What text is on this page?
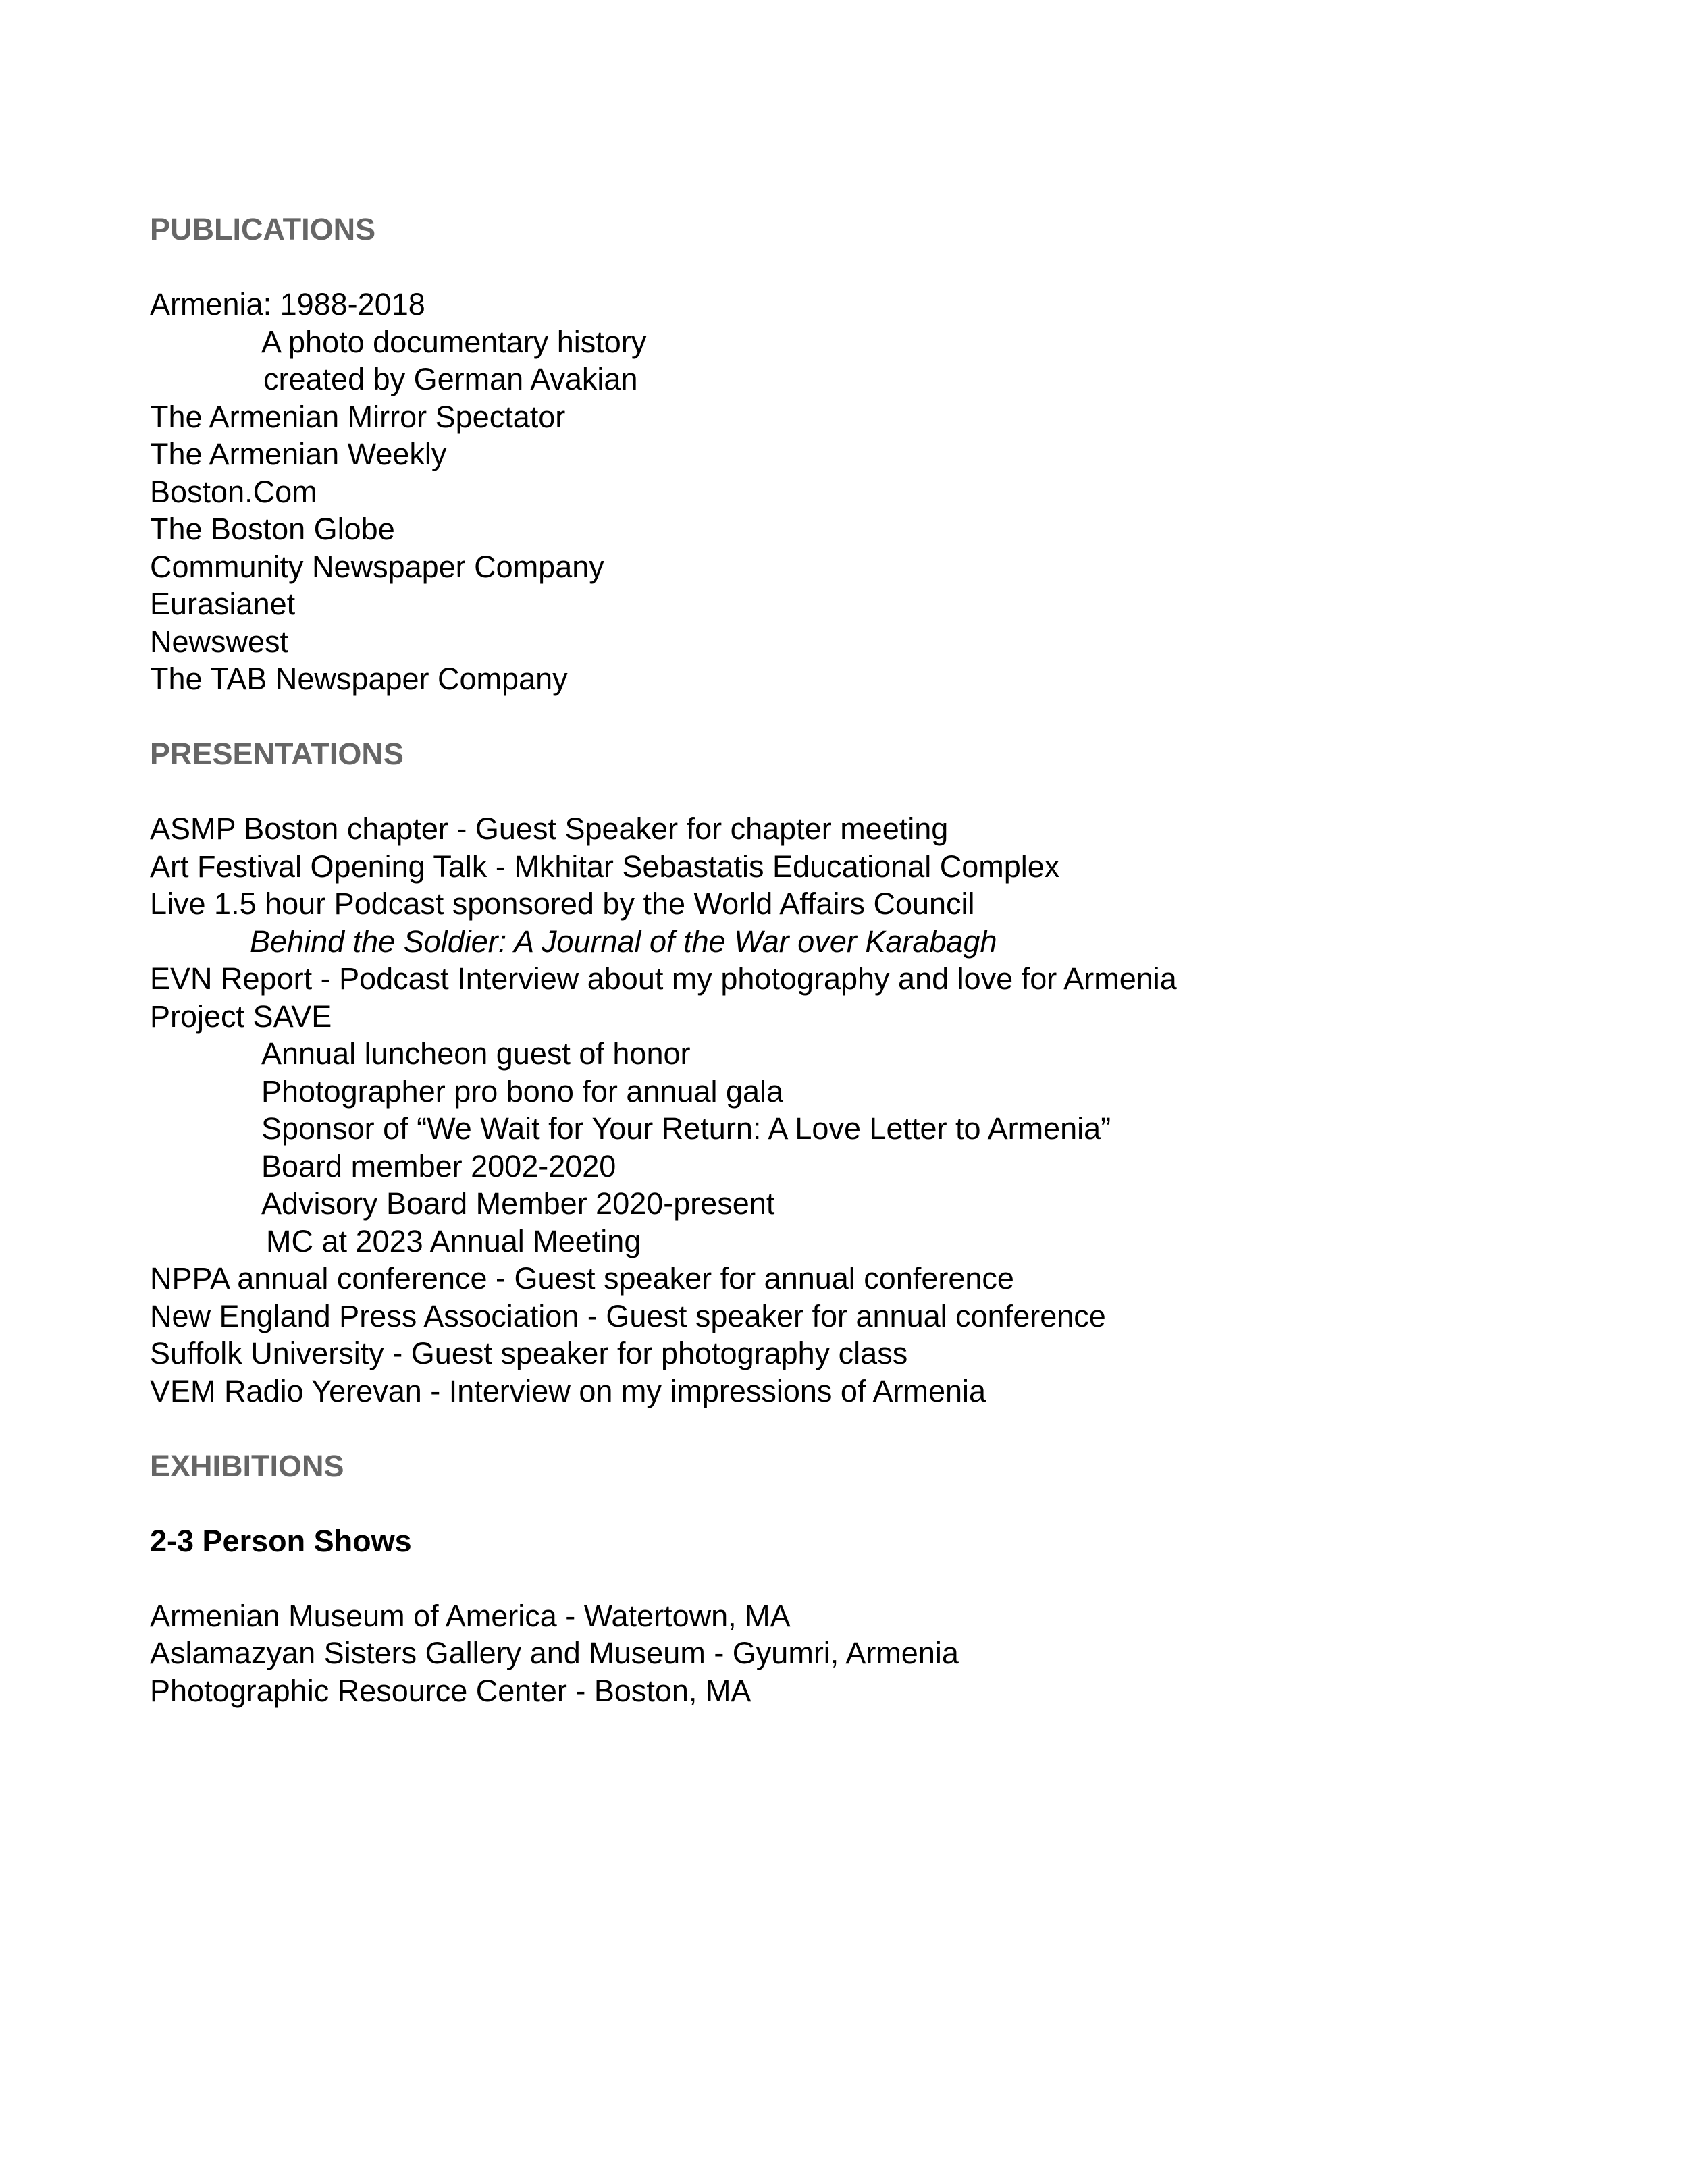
PUBLICATIONS
Armenia: 1988-2018
A photo documentary history
created by German Avakian
The Armenian Mirror Spectator
The Armenian Weekly
Boston.Com
The Boston Globe
Community Newspaper Company
Eurasianet
Newswest
The TAB Newspaper Company
PRESENTATIONS
ASMP Boston chapter - Guest Speaker for chapter meeting
Art Festival Opening Talk - Mkhitar Sebastatis Educational Complex
Live 1.5 hour Podcast sponsored by the World Affairs Council
Behind the Soldier: A Journal of the War over Karabagh
EVN Report - Podcast Interview about my photography and love for Armenia
Project SAVE
Annual luncheon guest of honor
Photographer pro bono for annual gala
Sponsor of “We Wait for Your Return: A Love Letter to Armenia”
Board member 2002-2020
Advisory Board Member 2020-present
MC at 2023 Annual Meeting
NPPA annual conference - Guest speaker for annual conference
New England Press Association - Guest speaker for annual conference
Suffolk University - Guest speaker for photography class
VEM Radio Yerevan - Interview on my impressions of Armenia
EXHIBITIONS
2-3 Person Shows
Armenian Museum of America - Watertown, MA
Aslamazyan Sisters Gallery and Museum - Gyumri, Armenia
Photographic Resource Center - Boston, MA
